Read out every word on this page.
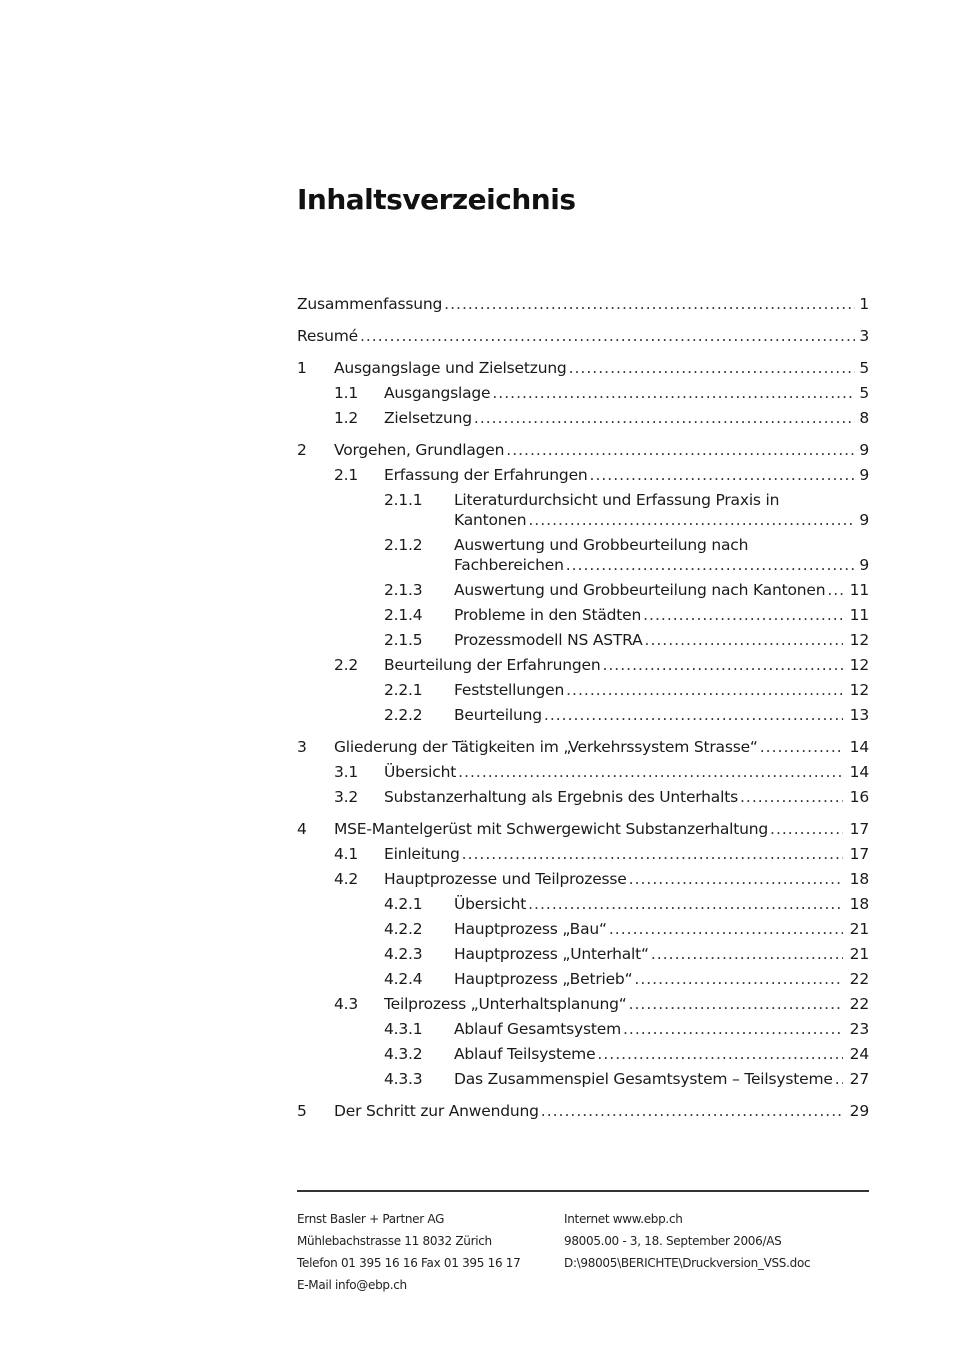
Inhaltsverzeichnis
Zusammenfassung .....	1
Resumé .....	3
1 Ausgangslage und Zielsetzung .....	5
1.1 Ausgangslage .....	5
1.2 Zielsetzung .....	8
2 Vorgehen, Grundlagen .....	9
2.1 Erfassung der Erfahrungen .....	9
2.1.1 Literaturdurchsicht und Erfassung Praxis in
Kantonen .....	9
2.1.2 Auswertung und Grobbeurteilung nach
Fachbereichen .....	9
2.1.3 Auswertung und Grobbeurteilung nach Kantonen .....	11
2.1.4 Probleme in den Städten .....	11
2.1.5 Prozessmodell NS ASTRA .....	12
2.2 Beurteilung der Erfahrungen .....	12
2.2.1 Feststellungen .....	12
2.2.2 Beurteilung .....	13
3 Gliederung der Tätigkeiten im „Verkehrssystem Strasse“ .....	14
3.1 Übersicht .....	14
3.2 Substanzerhaltung als Ergebnis des Unterhalts .....	16
4 MSE-Mantelgerüst mit Schwergewicht Substanzerhaltung .....	17
4.1 Einleitung .....	17
4.2 Hauptprozesse und Teilprozesse .....	18
4.2.1 Übersicht .....	18
4.2.2 Hauptprozess „Bau“ .....	21
4.2.3 Hauptprozess „Unterhalt“ .....	21
4.2.4 Hauptprozess „Betrieb“ .....	22
4.3 Teilprozess „Unterhaltsplanung“ .....	22
4.3.1 Ablauf Gesamtsystem .....	23
4.3.2 Ablauf Teilsysteme .....	24
4.3.3 Das Zusammenspiel Gesamtsystem – Teilsysteme .....	27
5 Der Schritt zur Anwendung .....	29
Ernst Basler + Partner AG
Mühlebachstrasse 11 8032 Zürich
Telefon 01 395 16 16 Fax 01 395 16 17
E-Mail info@ebp.ch
Internet www.ebp.ch
98005.00 - 3, 18. September 2006/AS
D:\98005\BERICHTE\Druckversion_VSS.doc
